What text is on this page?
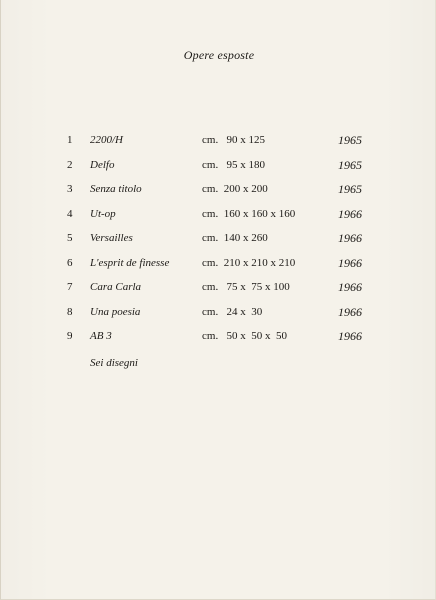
Opere esposte
1	2200/H	cm.   90 x 125	1965
2	Delfo	cm.   95 x 180	1965
3	Senza titolo	cm.  200 x 200	1965
4	Ut-op	cm.  160 x 160 x 160	1966
5	Versailles	cm.  140 x 260	1966
6	L'esprit de finesse	cm.  210 x 210 x 210	1966
7	Cara Carla	cm.   75 x  75 x 100	1966
8	Una poesia	cm.   24 x  30	1966
9	AB 3	cm.   50 x  50 x  50	1966
Sei disegni
